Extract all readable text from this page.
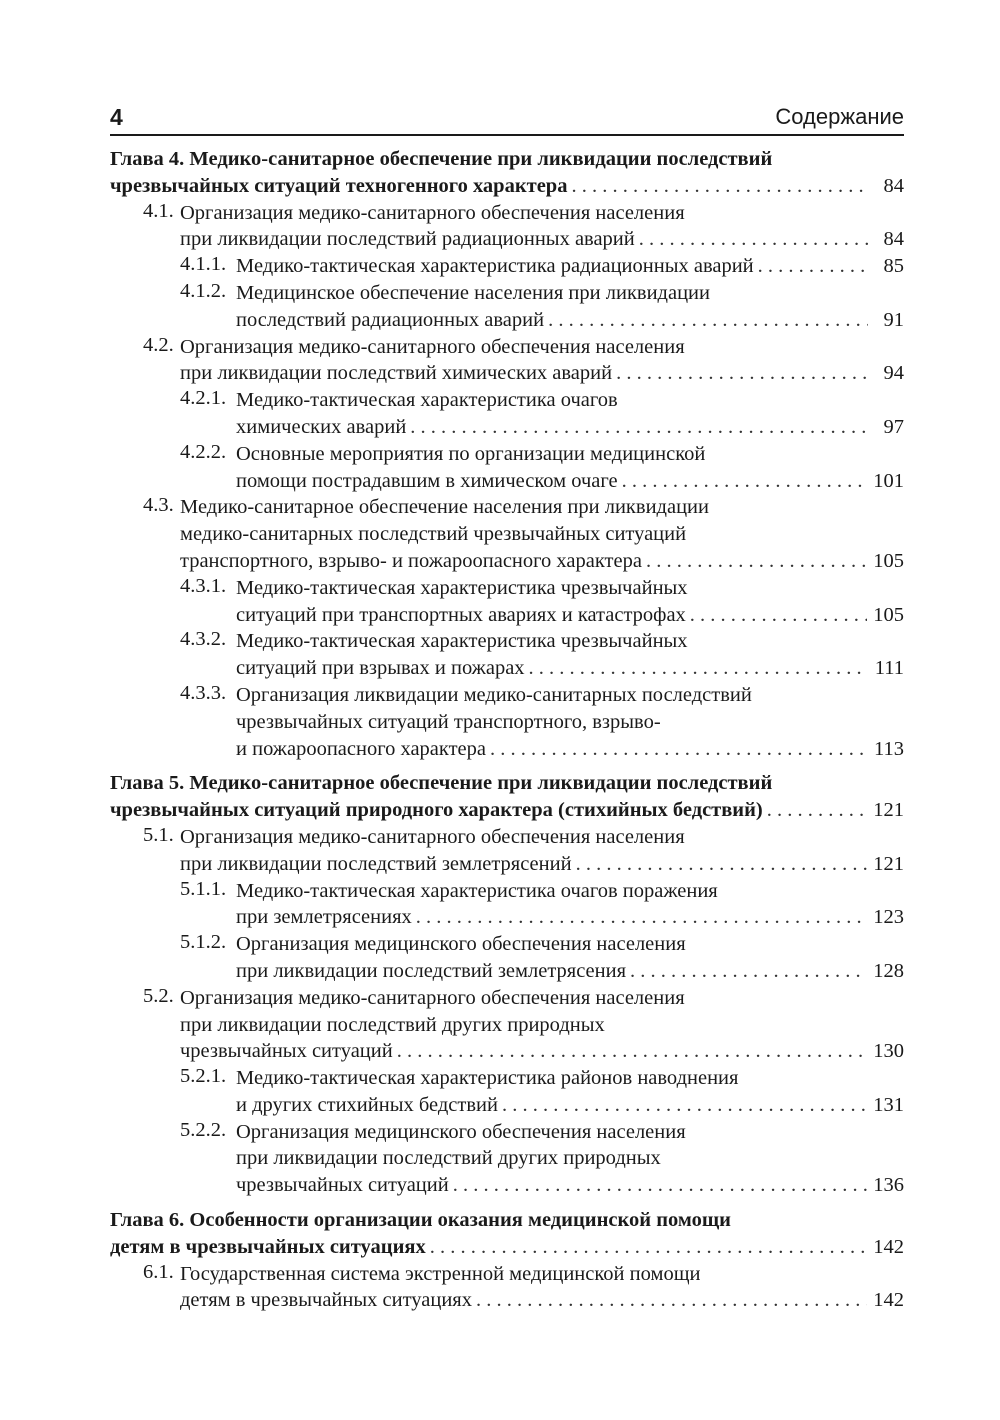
4	Содержание
Глава 4. Медико-санитарное обеспечение при ликвидации последствий
чрезвычайных ситуаций техногенного характера . . .	84
4.1. Организация медико-санитарного обеспечения населения
при ликвидации последствий радиационных аварий . . .	84
4.1.1. Медико-тактическая характеристика радиационных аварий . . .	85
4.1.2. Медицинское обеспечение населения при ликвидации
последствий радиационных аварий . . .	91
4.2. Организация медико-санитарного обеспечения населения
при ликвидации последствий химических аварий . . .	94
4.2.1. Медико-тактическая характеристика очагов
химических аварий . . .	97
4.2.2. Основные мероприятия по организации медицинской
помощи пострадавшим в химическом очаге . . .	101
4.3. Медико-санитарное обеспечение населения при ликвидации
медико-санитарных последствий чрезвычайных ситуаций
транспортного, взрыво- и пожароопасного характера . . .	105
4.3.1. Медико-тактическая характеристика чрезвычайных
ситуаций при транспортных авариях и катастрофах . . .	105
4.3.2. Медико-тактическая характеристика чрезвычайных
ситуаций при взрывах и пожарах . . .	111
4.3.3. Организация ликвидации медико-санитарных последствий
чрезвычайных ситуаций транспортного, взрыво-
и пожароопасного характера . . .	113
Глава 5. Медико-санитарное обеспечение при ликвидации последствий
чрезвычайных ситуаций природного характера (стихийных бедствий) . . .	121
5.1. Организация медико-санитарного обеспечения населения
при ликвидации последствий землетрясений . . .	121
5.1.1. Медико-тактическая характеристика очагов поражения
при землетрясениях . . .	123
5.1.2. Организация медицинского обеспечения населения
при ликвидации последствий землетрясения . . .	128
5.2. Организация медико-санитарного обеспечения населения
при ликвидации последствий других природных
чрезвычайных ситуаций . . .	130
5.2.1. Медико-тактическая характеристика районов наводнения
и других стихийных бедствий . . .	131
5.2.2. Организация медицинского обеспечения населения
при ликвидации последствий других природных
чрезвычайных ситуаций . . .	136
Глава 6. Особенности организации оказания медицинской помощи
детям в чрезвычайных ситуациях . . .	142
6.1. Государственная система экстренной медицинской помощи
детям в чрезвычайных ситуациях . . .	142
